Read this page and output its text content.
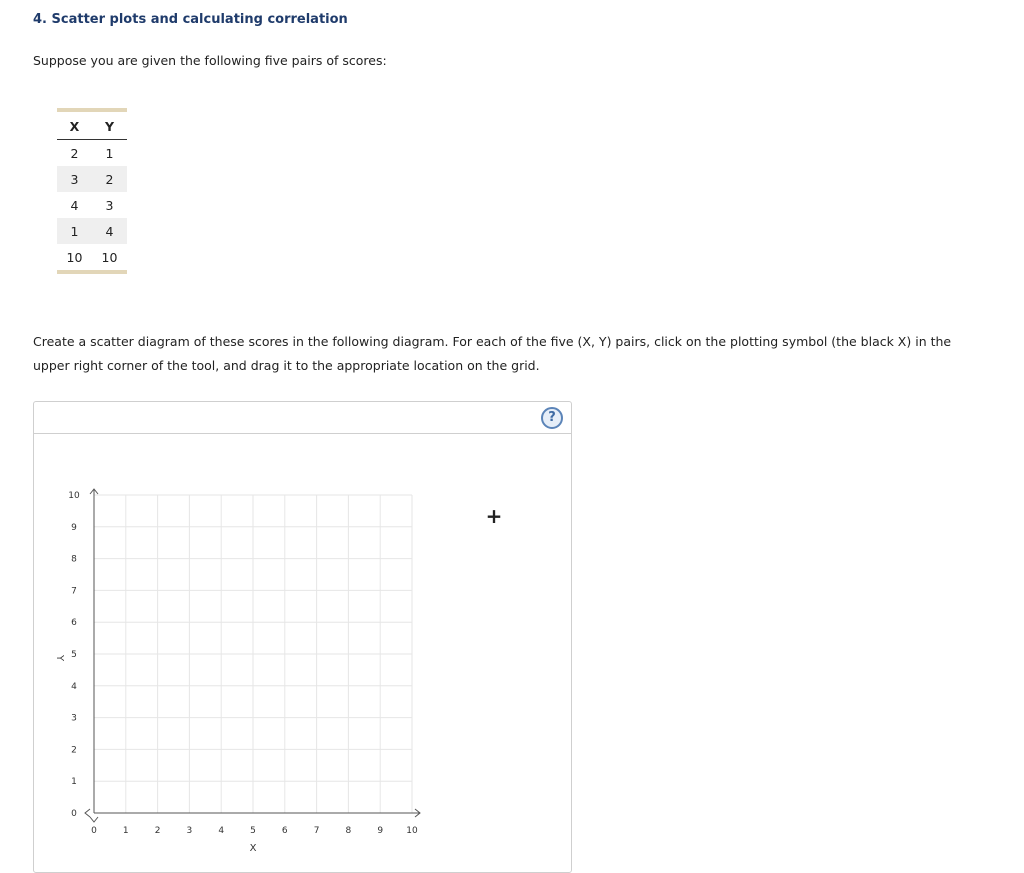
4. Scatter plots and calculating correlation
Suppose you are given the following five pairs of scores:
X	Y
2	1
3	2
4	3
1	4
10	10
Create a scatter diagram of these scores in the following diagram. For each of the five (X, Y) pairs, click on the plotting symbol (the black X) in the upper right corner of the tool, and drag it to the appropriate location on the grid.
?
0	1	2	3	4	5	6	7	8	9	10
0
1
2
3
4
5
6
7
8
9
10
X
Y
+
